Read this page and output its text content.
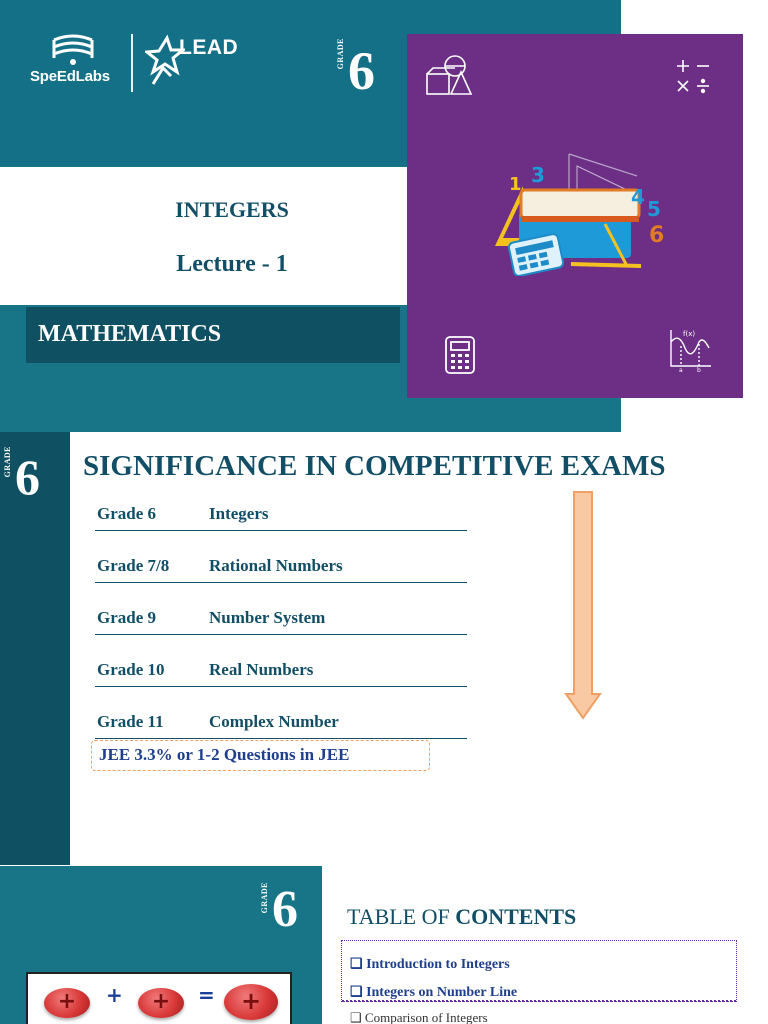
SpeEdLabs
LEAD	GRADE 6
INTEGERS
Lecture - 1
MATHEMATICS
3
1
4 5
6
f(x)
a b
GRADE 6 SIGNIFICANCE IN COMPETITIVE EXAMS
Grade 6	Integers
Grade 7/8 Rational Numbers
Grade 9	Number System
Grade 10	Real Numbers
Grade 11	Complex Number
JEE 3.3% or 1-2 Questions in JEE
GRADE 6
+	+	+	=	+
TABLE OF CONTENTS
❑ Introduction to Integers
❑ Integers on Number Line
❑ Comparison of Integers
